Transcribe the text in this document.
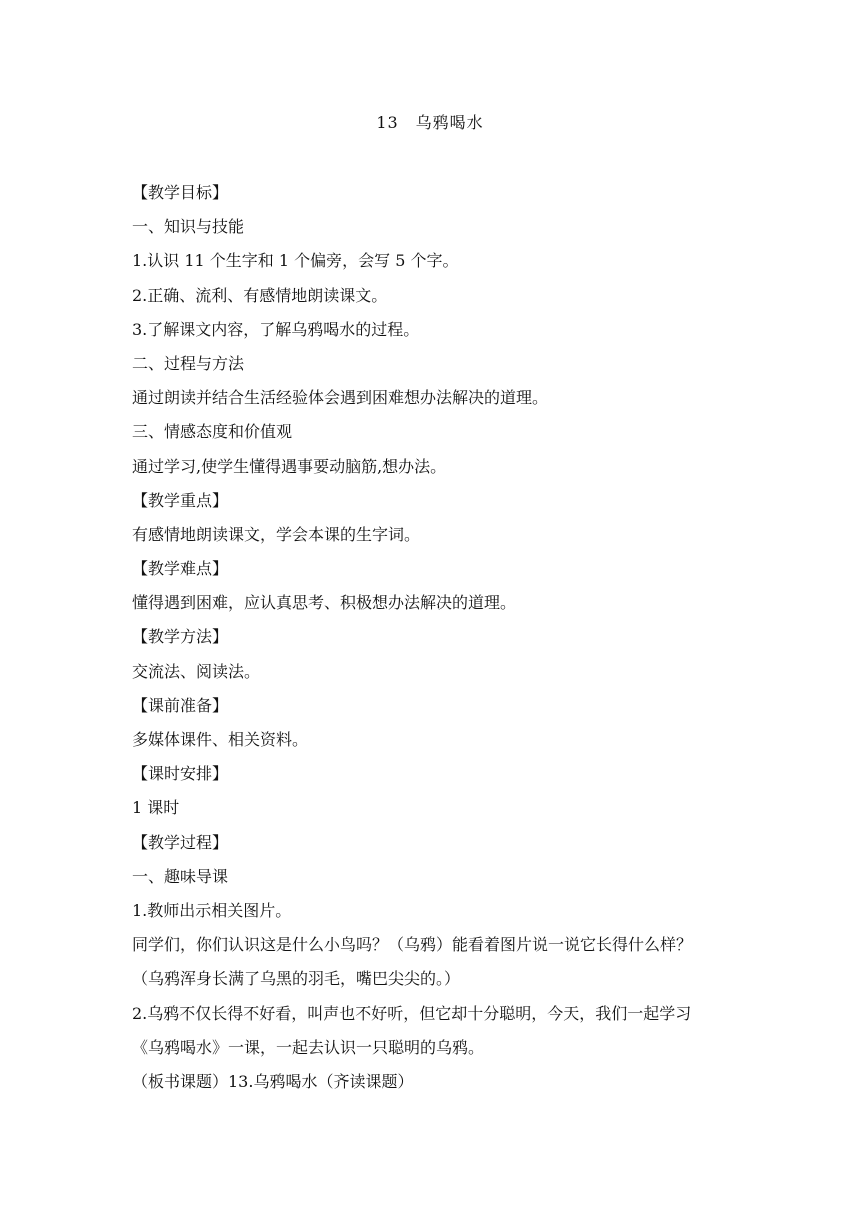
13　乌鸦喝水
【教学目标】
一、知识与技能
1.认识 11 个生字和 1 个偏旁，会写 5 个字。
2.正确、流利、有感情地朗读课文。
3.了解课文内容，了解乌鸦喝水的过程。
二、过程与方法
通过朗读并结合生活经验体会遇到困难想办法解决的道理。
三、情感态度和价值观
通过学习,使学生懂得遇事要动脑筋,想办法。
【教学重点】
有感情地朗读课文，学会本课的生字词。
【教学难点】
懂得遇到困难，应认真思考、积极想办法解决的道理。
【教学方法】
交流法、阅读法。
【课前准备】
多媒体课件、相关资料。
【课时安排】
1 课时
【教学过程】
一、趣味导课
1.教师出示相关图片。
同学们，你们认识这是什么小鸟吗？（乌鸦）能看着图片说一说它长得什么样？
（乌鸦浑身长满了乌黑的羽毛，嘴巴尖尖的。）
2.乌鸦不仅长得不好看，叫声也不好听，但它却十分聪明，今天，我们一起学习
《乌鸦喝水》一课，一起去认识一只聪明的乌鸦。
（板书课题）13.乌鸦喝水（齐读课题）
